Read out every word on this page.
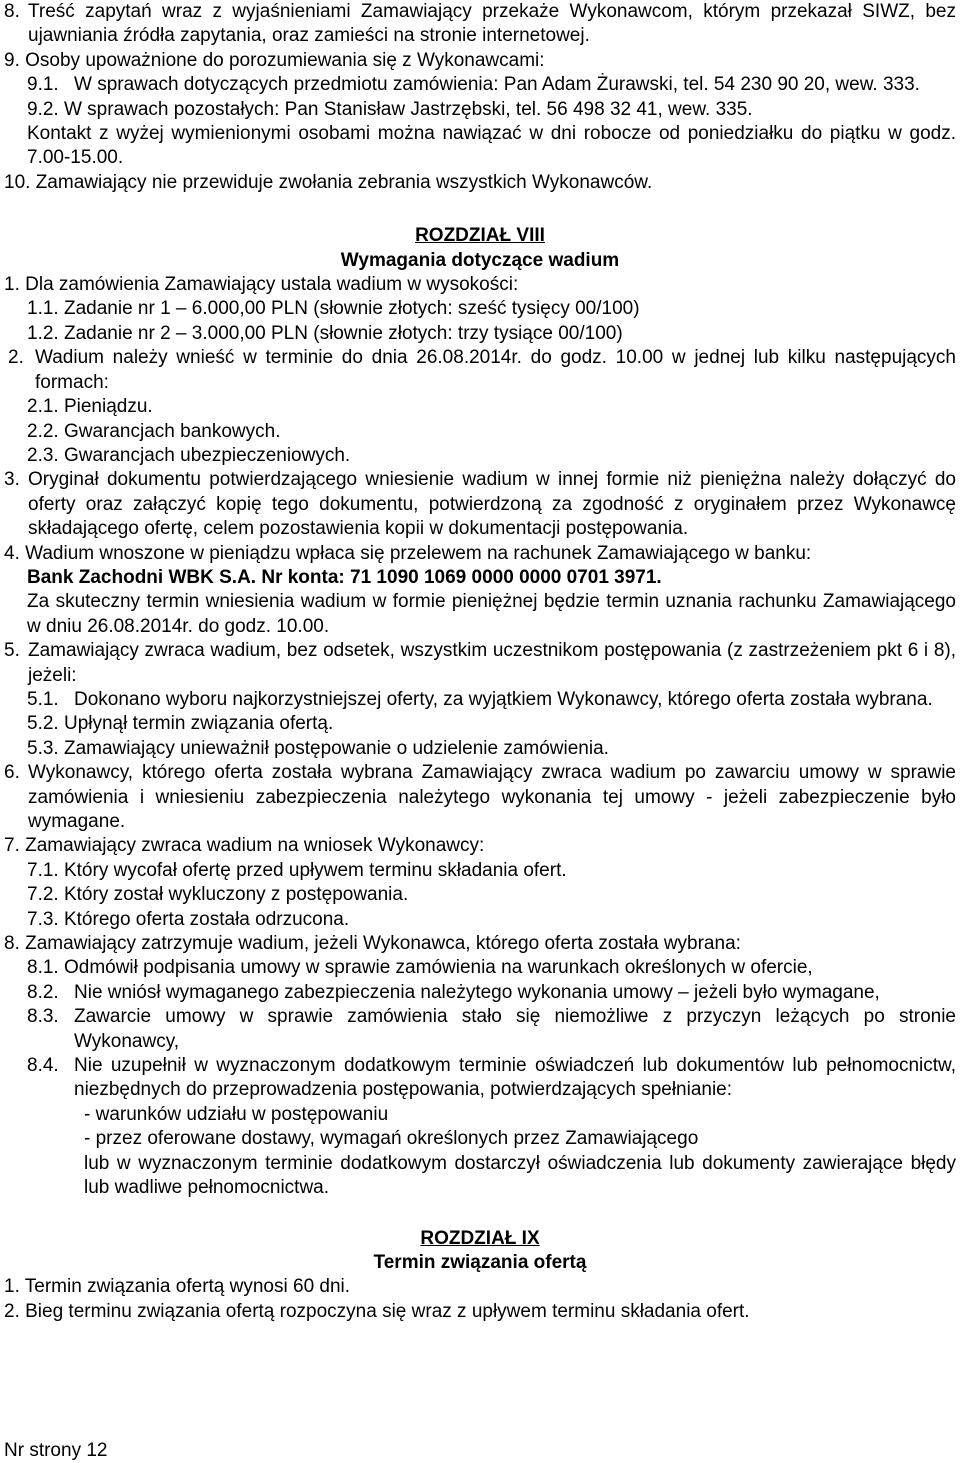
8. Treść zapytań wraz z wyjaśnieniami Zamawiający przekaże Wykonawcom, którym przekazał SIWZ, bez ujawniania źródła zapytania, oraz zamieści na stronie internetowej.
9. Osoby upoważnione do porozumiewania się z Wykonawcami:
9.1. W sprawach dotyczących przedmiotu zamówienia: Pan Adam Żurawski, tel. 54 230 90 20, wew. 333.
9.2. W sprawach pozostałych: Pan Stanisław Jastrzębski, tel. 56 498 32 41, wew. 335.
Kontakt z wyżej wymienionymi osobami można nawiązać w dni robocze od poniedziałku do piątku w godz. 7.00-15.00.
10. Zamawiający nie przewiduje zwołania zebrania wszystkich Wykonawców.
ROZDZIAŁ VIII
Wymagania dotyczące wadium
1. Dla zamówienia Zamawiający ustala wadium w wysokości:
1.1. Zadanie nr 1 – 6.000,00 PLN (słownie złotych: sześć tysięcy 00/100)
1.2. Zadanie nr 2 – 3.000,00 PLN (słownie złotych: trzy tysiące 00/100)
2. Wadium należy wnieść w terminie do dnia 26.08.2014r. do godz. 10.00 w jednej lub kilku następujących formach:
2.1. Pieniądzu.
2.2. Gwarancjach bankowych.
2.3. Gwarancjach ubezpieczeniowych.
3. Oryginał dokumentu potwierdzającego wniesienie wadium w innej formie niż pieniężna należy dołączyć do oferty oraz załączyć kopię tego dokumentu, potwierdzoną za zgodność z oryginałem przez Wykonawcę składającego ofertę, celem pozostawienia kopii w dokumentacji postępowania.
4. Wadium wnoszone w pieniądzu wpłaca się przelewem na rachunek Zamawiającego w banku:
Bank Zachodni WBK S.A. Nr konta: 71 1090 1069 0000 0000 0701 3971.
Za skuteczny termin wniesienia wadium w formie pieniężnej będzie termin uznania rachunku Zamawiającego w dniu 26.08.2014r. do godz. 10.00.
5. Zamawiający zwraca wadium, bez odsetek, wszystkim uczestnikom postępowania (z zastrzeżeniem pkt 6 i 8), jeżeli:
5.1. Dokonano wyboru najkorzystniejszej oferty, za wyjątkiem Wykonawcy, którego oferta została wybrana.
5.2. Upłynął termin związania ofertą.
5.3. Zamawiający unieważnił postępowanie o udzielenie zamówienia.
6. Wykonawcy, którego oferta została wybrana Zamawiający zwraca wadium po zawarciu umowy w sprawie zamówienia i wniesieniu zabezpieczenia należytego wykonania tej umowy - jeżeli zabezpieczenie było wymagane.
7. Zamawiający zwraca wadium na wniosek Wykonawcy:
7.1. Który wycofał ofertę przed upływem terminu składania ofert.
7.2. Który został wykluczony z postępowania.
7.3. Którego oferta została odrzucona.
8. Zamawiający zatrzymuje wadium, jeżeli Wykonawca, którego oferta została wybrana:
8.1. Odmówił podpisania umowy w sprawie zamówienia na warunkach określonych w ofercie,
8.2. Nie wniósł wymaganego zabezpieczenia należytego wykonania umowy – jeżeli było wymagane,
8.3. Zawarcie umowy w sprawie zamówienia stało się niemożliwe z przyczyn leżących po stronie Wykonawcy,
8.4. Nie uzupełnił w wyznaczonym dodatkowym terminie oświadczeń lub dokumentów lub pełnomocnictw, niezbędnych do przeprowadzenia postępowania, potwierdzających spełnianie:
- warunków udziału w postępowaniu
- przez oferowane dostawy, wymagań określonych przez Zamawiającego
lub w wyznaczonym terminie dodatkowym dostarczył oświadczenia lub dokumenty zawierające błędy lub wadliwe pełnomocnictwa.
ROZDZIAŁ IX
Termin związania ofertą
1. Termin związania ofertą wynosi 60 dni.
2. Bieg terminu związania ofertą rozpoczyna się wraz z upływem terminu składania ofert.
Nr strony 12
